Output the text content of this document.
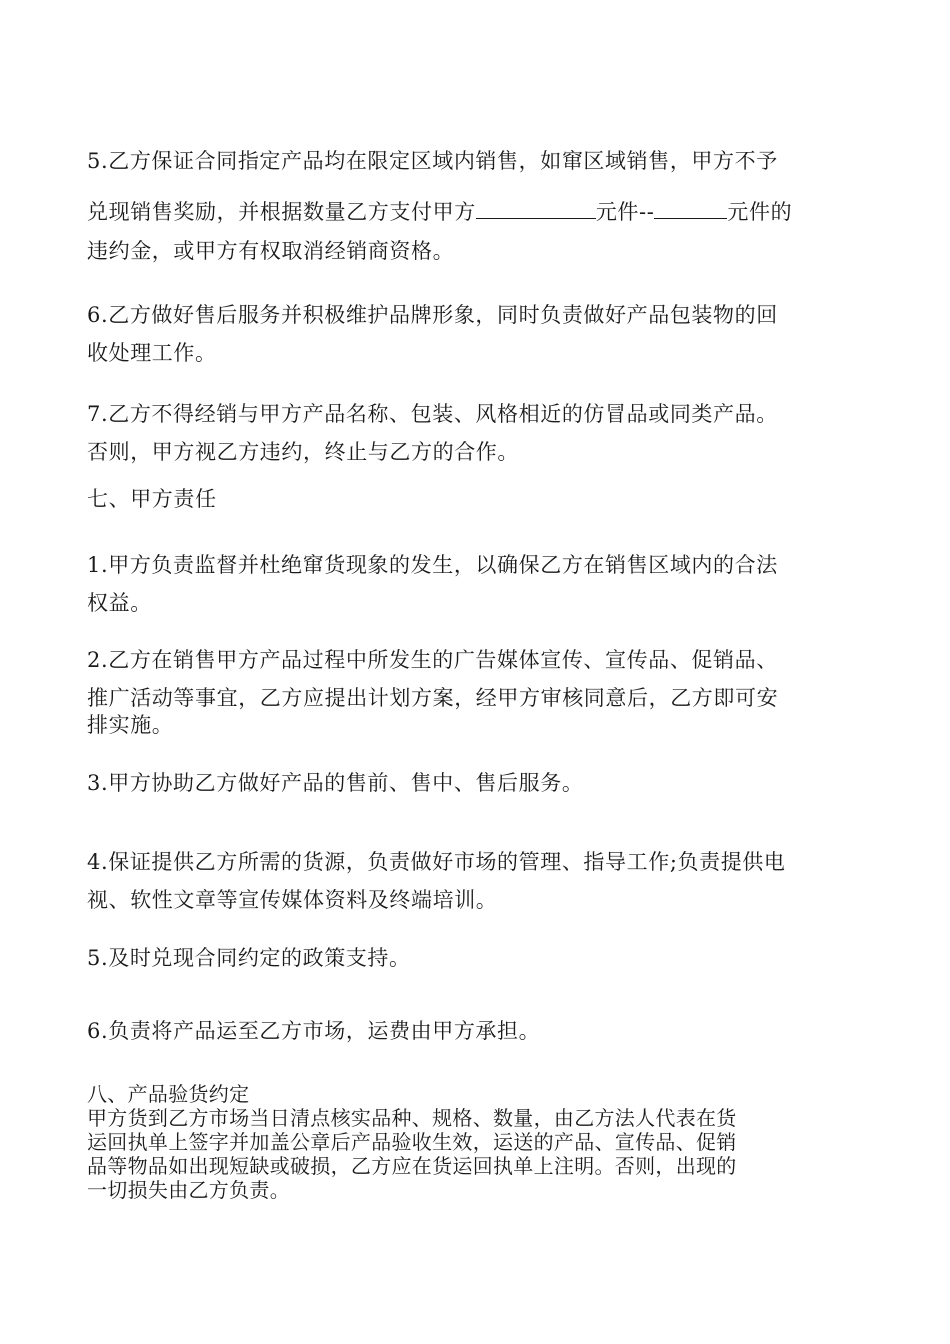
5.乙方保证合同指定产品均在限定区域内销售，如窜区域销售，甲方不予
兑现销售奖励，并根据数量乙方支付甲方	元件--	元件的
违约金，或甲方有权取消经销商资格。
6.乙方做好售后服务并积极维护品牌形象，同时负责做好产品包装物的回
收处理工作。
7.乙方不得经销与甲方产品名称、包装、风格相近的仿冒品或同类产品。
否则，甲方视乙方违约，终止与乙方的合作。
七、甲方责任
1.甲方负责监督并杜绝窜货现象的发生，以确保乙方在销售区域内的合法
权益。
2.乙方在销售甲方产品过程中所发生的广告媒体宣传、宣传品、促销品、
推广活动等事宜，乙方应提出计划方案，经甲方审核同意后，乙方即可安
排实施。
3.甲方协助乙方做好产品的售前、售中、售后服务。
4.保证提供乙方所需的货源，负责做好市场的管理、指导工作;负责提供电
视、软性文章等宣传媒体资料及终端培训。
5.及时兑现合同约定的政策支持。
6.负责将产品运至乙方市场，运费由甲方承担。
八、产品验货约定
甲方货到乙方市场当日清点核实品种、规格、数量，由乙方法人代表在货
运回执单上签字并加盖公章后产品验收生效，运送的产品、宣传品、促销
品等物品如出现短缺或破损，乙方应在货运回执单上注明。否则，出现的
一切损失由乙方负责。
